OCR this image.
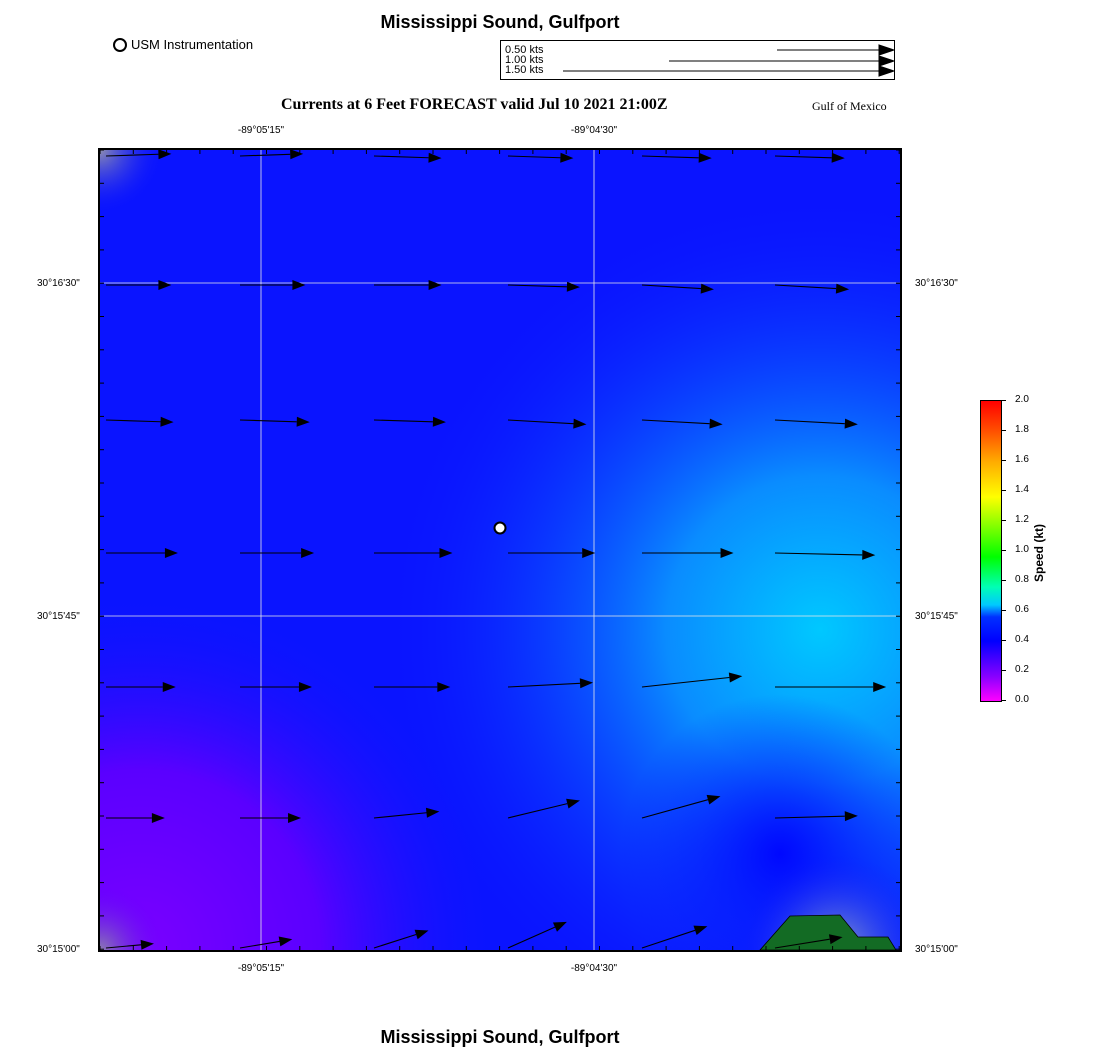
Mississippi Sound, Gulfport
USM Instrumentation	0.50 kts
1.00 kts
1.50 kts
Currents at 6 Feet FORECAST valid Jul 10 2021 21:00Z	Gulf of Mexico
-89°05'15"	-89°04'30"
-89°05'15"	-89°04'30"
30°16'30"
30°15'45"
30°15'00"
30°16'30"
30°15'45"
30°15'00"
Speed (kt)
Mississippi Sound, Gulfport
2.0
1.8
1.6
1.4
1.2
1.0
0.8
0.6
0.4
0.2
0.0
